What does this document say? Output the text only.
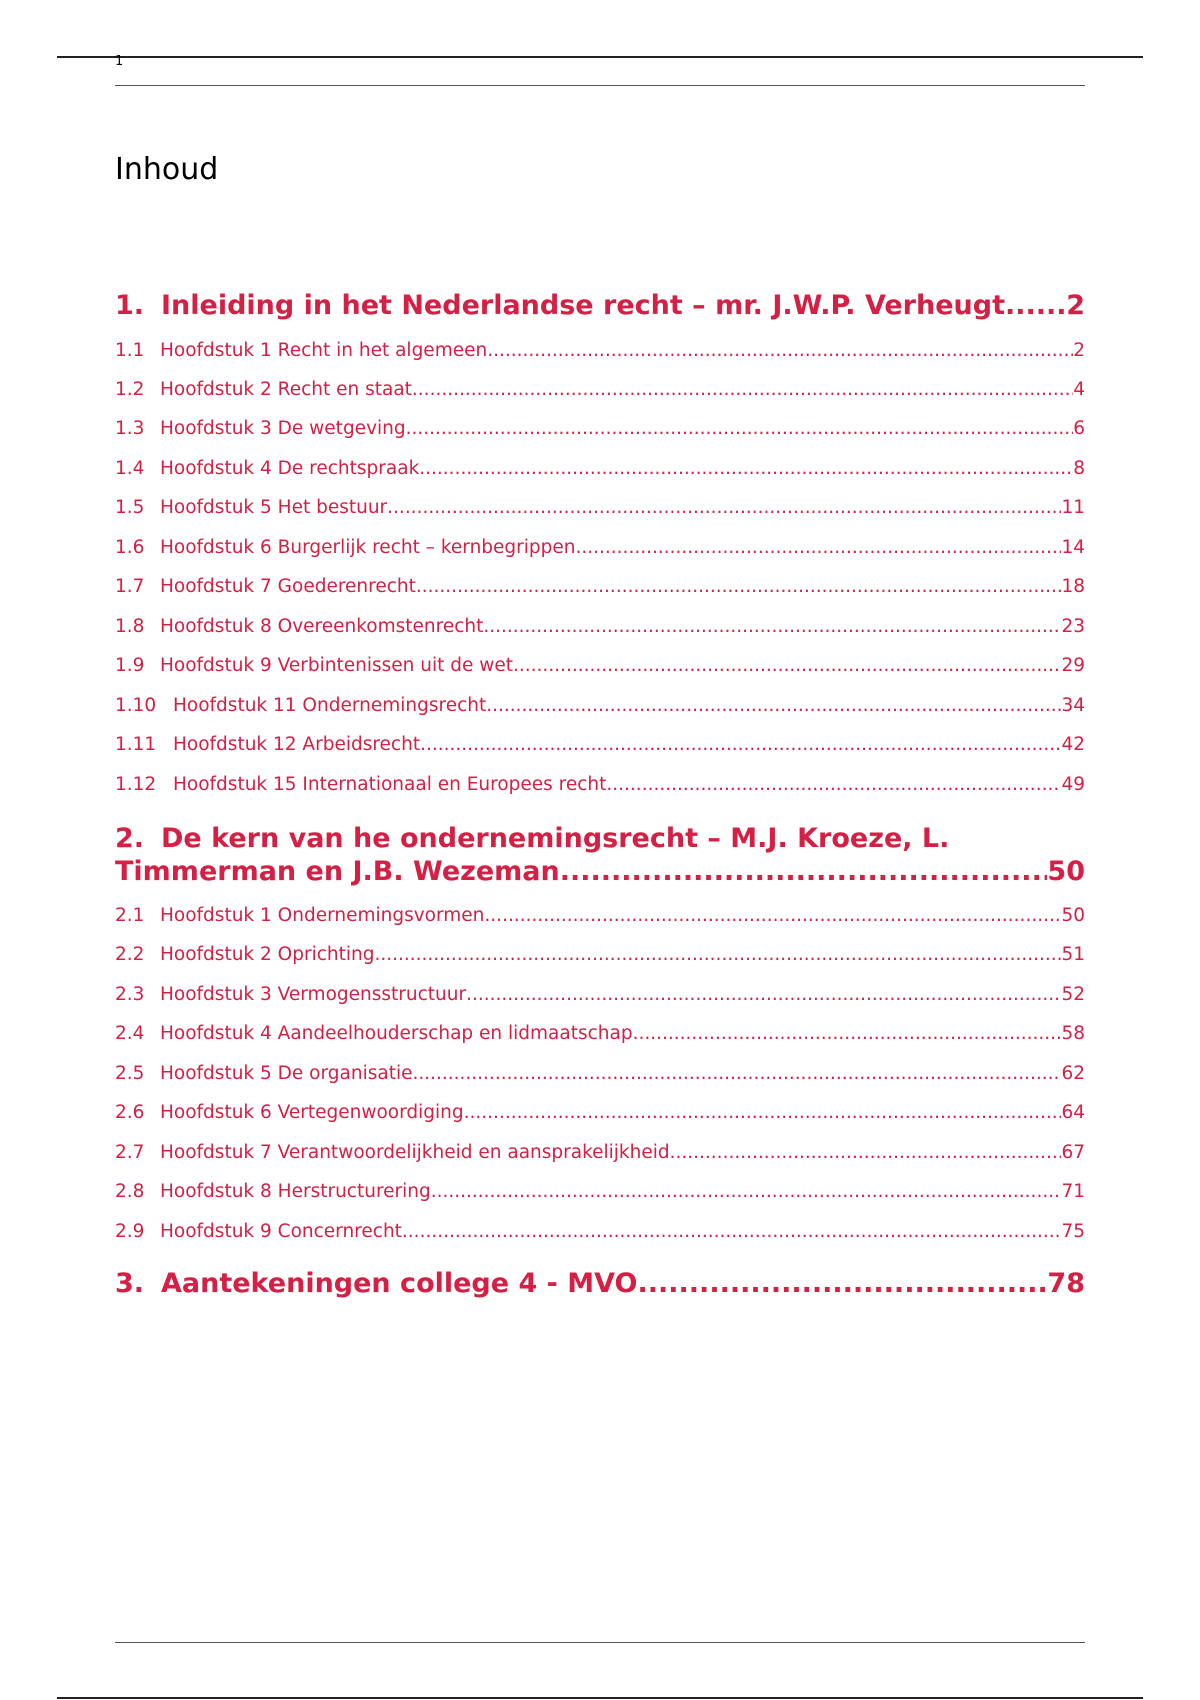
1
Inhoud
1. Inleiding in het Nederlandse recht – mr. J.W.P. Verheugt ..... 2
1.1 Hoofdstuk 1 Recht in het algemeen .....	2
1.2 Hoofdstuk 2 Recht en staat .....	4
1.3 Hoofdstuk 3 De wetgeving .....	6
1.4 Hoofdstuk 4 De rechtspraak .....	8
1.5 Hoofdstuk 5 Het bestuur .....	11
1.6 Hoofdstuk 6 Burgerlijk recht – kernbegrippen .....	14
1.7 Hoofdstuk 7 Goederenrecht .....	18
1.8 Hoofdstuk 8 Overeenkomstenrecht .....	23
1.9 Hoofdstuk 9 Verbintenissen uit de wet .....	29
1.10 Hoofdstuk 11 Ondernemingsrecht .....	34
1.11 Hoofdstuk 12 Arbeidsrecht .....	42
1.12 Hoofdstuk 15 Internationaal en Europees recht .....	49
2. De kern van he ondernemingsrecht – M.J. Kroeze, L.
Timmerman en J.B. Wezeman .....	50
2.1 Hoofdstuk 1 Ondernemingsvormen .....	50
2.2 Hoofdstuk 2 Oprichting .....	51
2.3 Hoofdstuk 3 Vermogensstructuur .....	52
2.4 Hoofdstuk 4 Aandeelhouderschap en lidmaatschap .....	58
2.5 Hoofdstuk 5 De organisatie .....	62
2.6 Hoofdstuk 6 Vertegenwoordiging .....	64
2.7 Hoofdstuk 7 Verantwoordelijkheid en aansprakelijkheid .....	67
2.8 Hoofdstuk 8 Herstructurering .....	71
2.9 Hoofdstuk 9 Concernrecht .....	75
3. Aantekeningen college 4 - MVO .....	78
